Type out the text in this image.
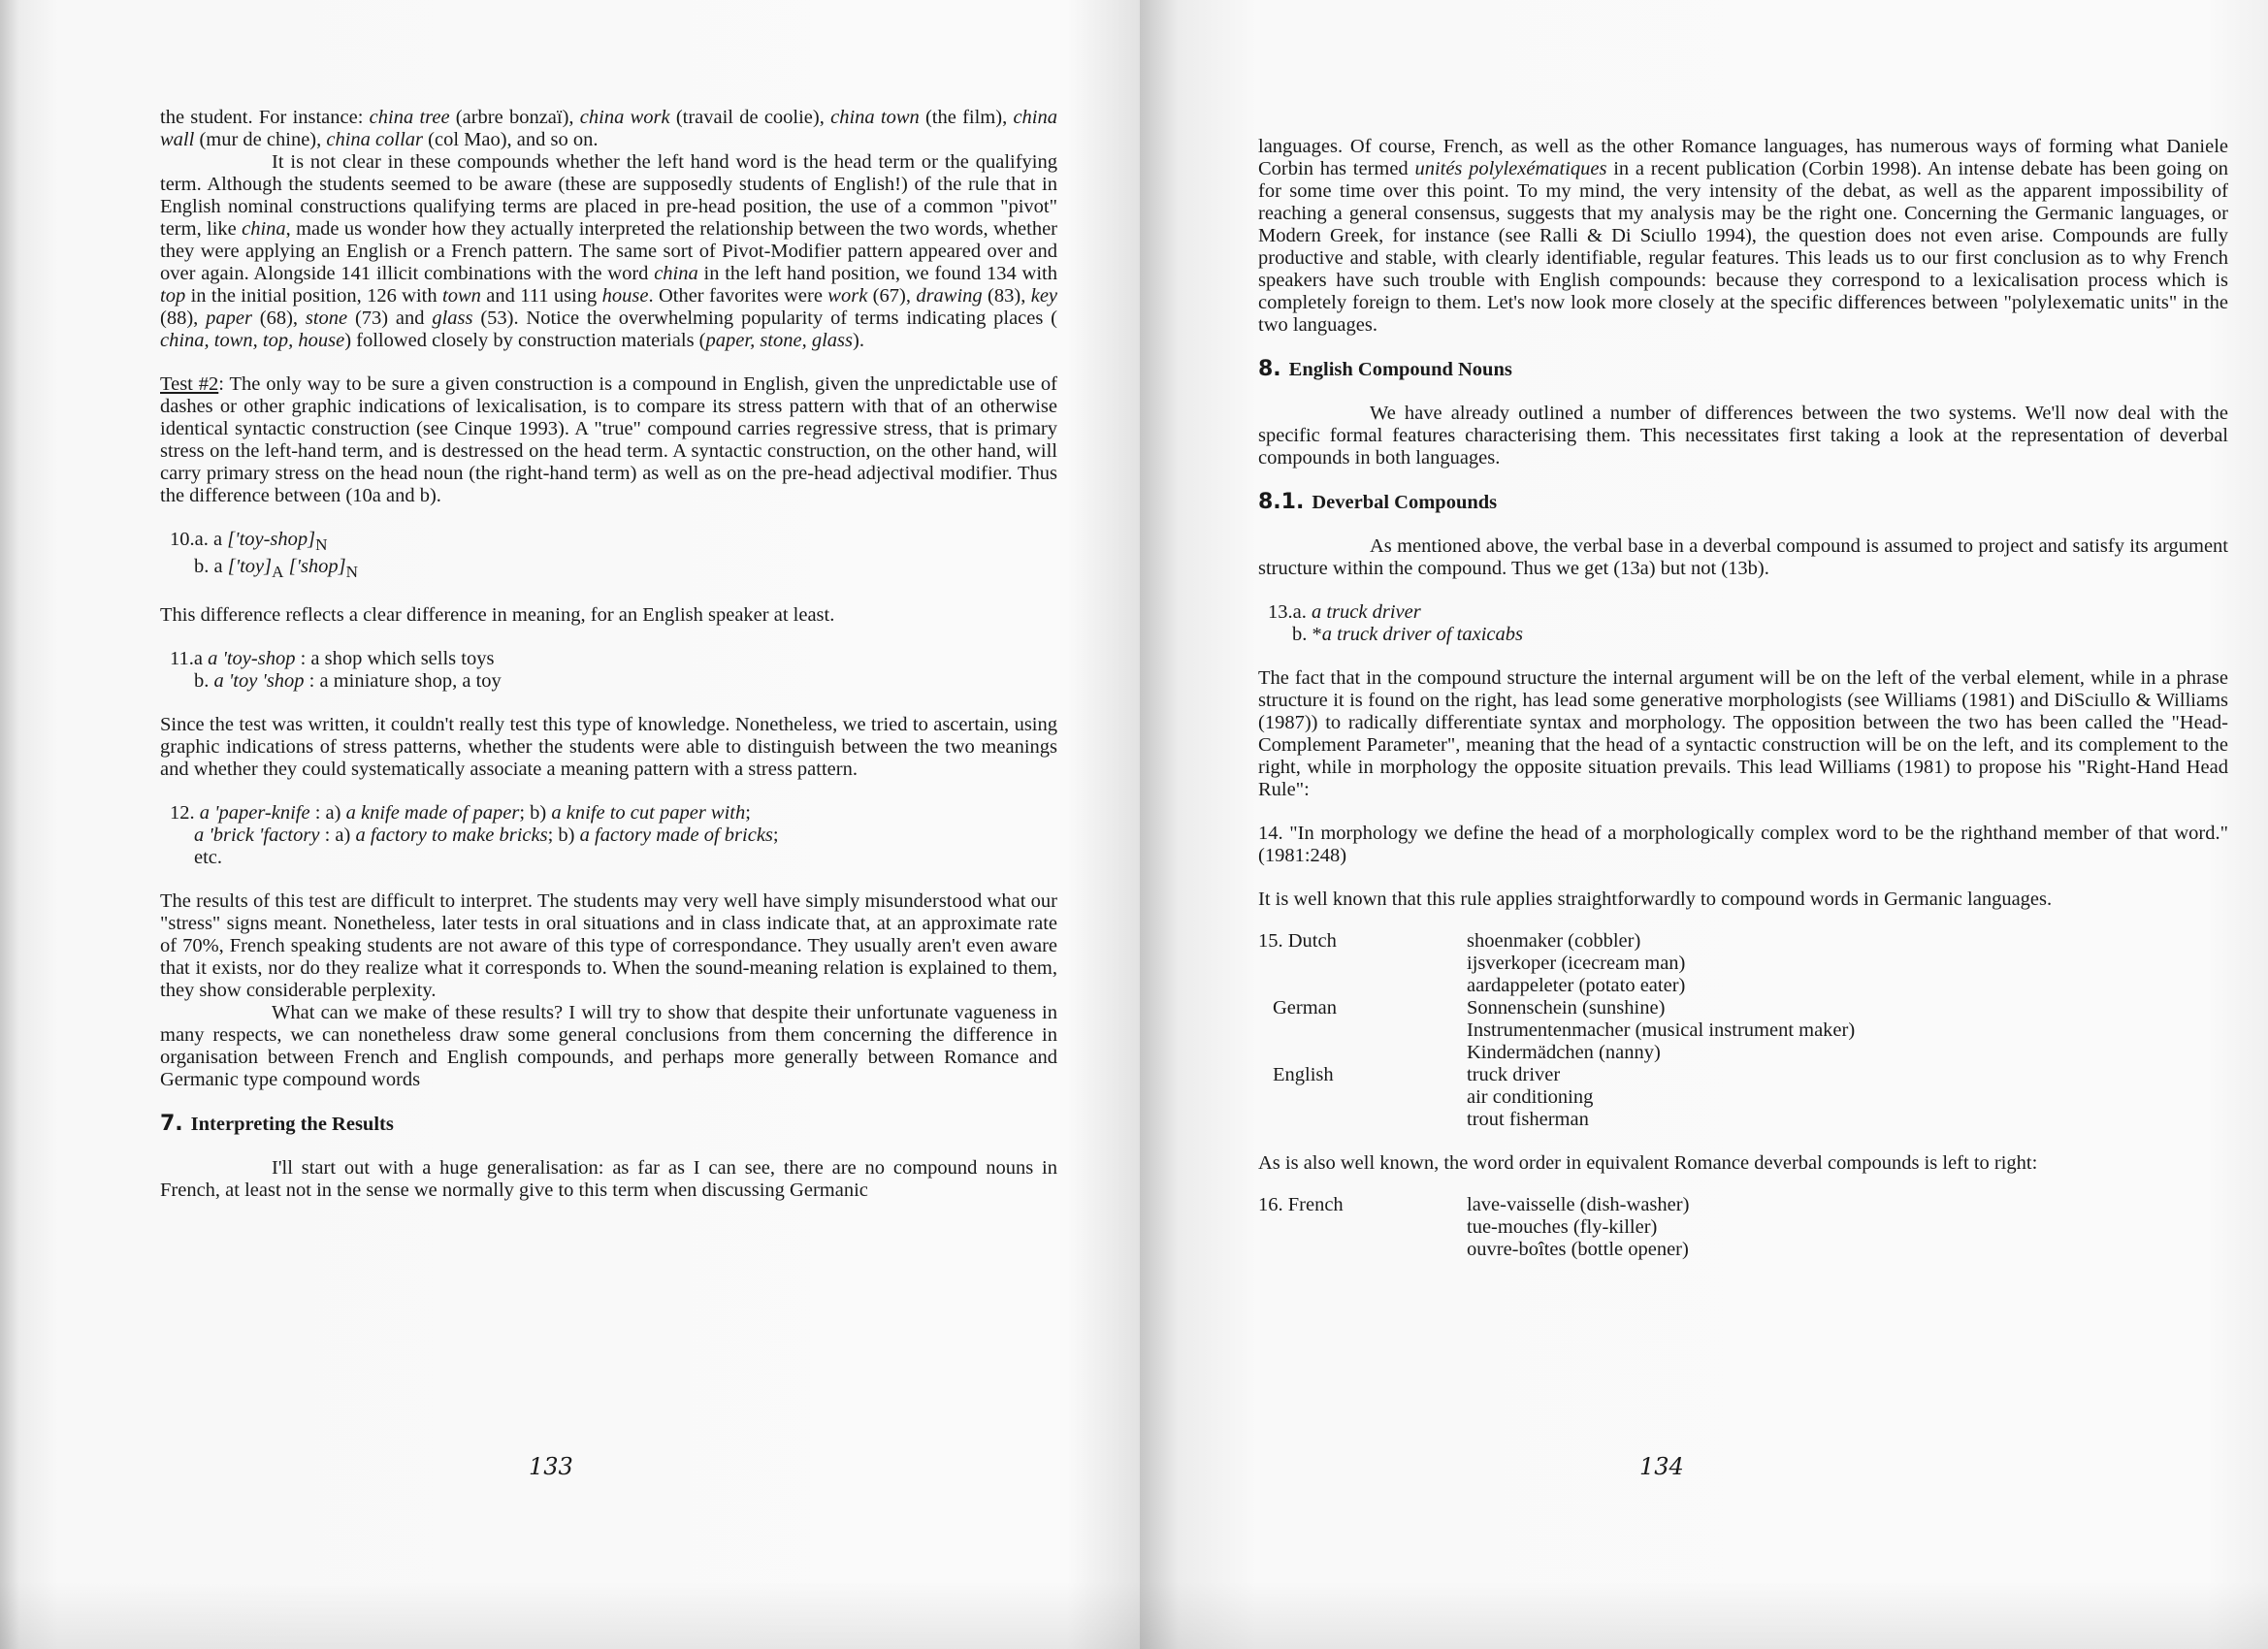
the student. For instance: china tree (arbre bonzaï), china work (travail de coolie), china town (the film), china wall (mur de chine), china collar (col Mao), and so on.

It is not clear in these compounds whether the left hand word is the head term or the qualifying term. Although the students seemed to be aware (these are supposedly students of English!) of the rule that in English nominal constructions qualifying terms are placed in pre-head position, the use of a common "pivot" term, like china, made us wonder how they actually interpreted the relationship between the two words, whether they were applying an English or a French pattern. The same sort of Pivot-Modifier pattern appeared over and over again. Alongside 141 illicit combinations with the word china in the left hand position, we found 134 with top in the initial position, 126 with town and 111 using house. Other favorites were work (67), drawing (83), key (88), paper (68), stone (73) and glass (53). Notice the overwhelming popularity of terms indicating places ( china, town, top, house) followed closely by construction materials (paper, stone, glass).

Test #2: The only way to be sure a given construction is a compound in English, given the unpredictable use of dashes or other graphic indications of lexicalisation, is to compare its stress pattern with that of an otherwise identical syntactic construction (see Cinque 1993). A "true" compound carries regressive stress, that is primary stress on the left-hand term, and is destressed on the head term. A syntactic construction, on the other hand, will carry primary stress on the head noun (the right-hand term) as well as on the pre-head adjectival modifier. Thus the difference between (10a and b).

10.a. a $['toy-shop]_N$
b. a $['toy]_A$ $['shop]_N$

This difference reflects a clear difference in meaning, for an English speaker at least.

11.a a 'toy-shop : a shop which sells toys
b. a 'toy 'shop : a miniature shop, a toy

Since the test was written, it couldn't really test this type of knowledge. Nonetheless, we tried to ascertain, using graphic indications of stress patterns, whether the students were able to distinguish between the two meanings and whether they could systematically associate a meaning pattern with a stress pattern.

12. a 'paper-knife : a) a knife made of paper; b) a knife to cut paper with;
a 'brick 'factory : a) a factory to make bricks; b) a factory made of bricks;
etc.

The results of this test are difficult to interpret. The students may very well have simply misunderstood what our "stress" signs meant. Nonetheless, later tests in oral situations and in class indicate that, at an approximate rate of 70%, French speaking students are not aware of this type of correspondance. They usually aren't even aware that it exists, nor do they realize what it corresponds to. When the sound-meaning relation is explained to them, they show considerable perplexity.

What can we make of these results? I will try to show that despite their unfortunate vagueness in many respects, we can nonetheless draw some general conclusions from them concerning the difference in organisation between French and English compounds, and perhaps more generally between Romance and Germanic type compound words

7. Interpreting the Results

I'll start out with a huge generalisation: as far as I can see, there are no compound nouns in French, at least not in the sense we normally give to this term when discussing Germanic

133

languages. Of course, French, as well as the other Romance languages, has numerous ways of forming what Daniele Corbin has termed unités polylexématiques in a recent publication (Corbin 1998). An intense debate has been going on for some time over this point. To my mind, the very intensity of the debat, as well as the apparent impossibility of reaching a general consensus, suggests that my analysis may be the right one. Concerning the Germanic languages, or Modern Greek, for instance (see Ralli & Di Sciullo 1994), the question does not even arise. Compounds are fully productive and stable, with clearly identifiable, regular features. This leads us to our first conclusion as to why French speakers have such trouble with English compounds: because they correspond to a lexicalisation process which is completely foreign to them. Let's now look more closely at the specific differences between "polylexematic units" in the two languages.

8. English Compound Nouns

We have already outlined a number of differences between the two systems. We'll now deal with the specific formal features characterising them. This necessitates first taking a look at the representation of deverbal compounds in both languages.

8.1. Deverbal Compounds

As mentioned above, the verbal base in a deverbal compound is assumed to project and satisfy its argument structure within the compound. Thus we get (13a) but not (13b).

13.a. a truck driver
b. *a truck driver of taxicabs

The fact that in the compound structure the internal argument will be on the left of the verbal element, while in a phrase structure it is found on the right, has lead some generative morphologists (see Williams (1981) and DiSciullo & Williams (1987)) to radically differentiate syntax and morphology. The opposition between the two has been called the "Head-Complement Parameter", meaning that the head of a syntactic construction will be on the left, and its complement to the right, while in morphology the opposite situation prevails. This lead Williams (1981) to propose his "Right-Hand Head Rule":

14. "In morphology we define the head of a morphologically complex word to be the righthand member of that word." (1981:248)

It is well known that this rule applies straightforwardly to compound words in Germanic languages.

15. Dutch	shoenmaker (cobbler)
	ijsverkoper (icecream man)
	aardappeleter (potato eater)
German	Sonnenschein (sunshine)
	Instrumentenmacher (musical instrument maker)
	Kindermädchen (nanny)
English	truck driver
	air conditioning
	trout fisherman

As is also well known, the word order in equivalent Romance deverbal compounds is left to right:

16. French	lave-vaisselle (dish-washer)
	tue-mouches (fly-killer)
	ouvre-boîtes (bottle opener)
134
